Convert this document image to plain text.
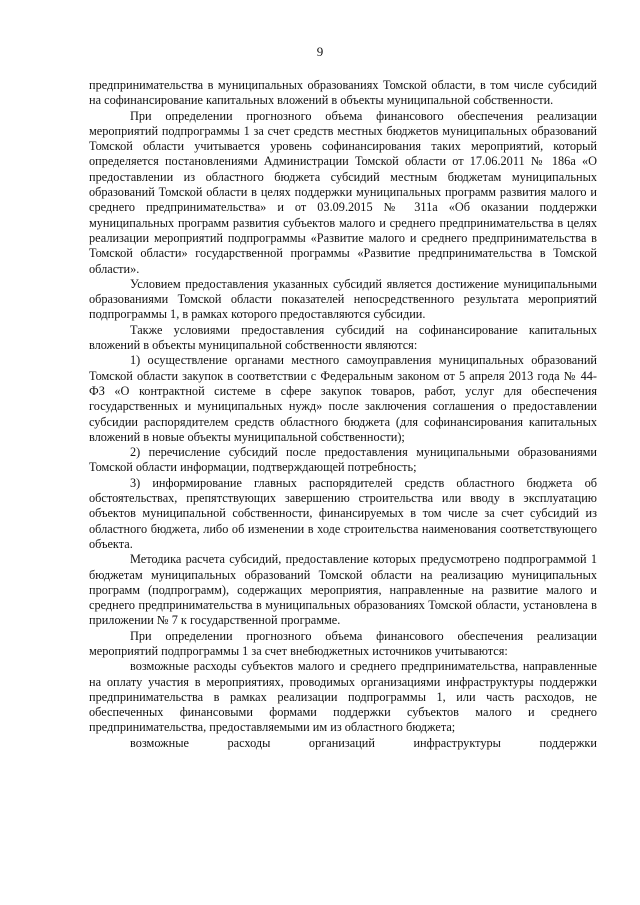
9

предпринимательства в муниципальных образованиях Томской области, в том числе субсидий на софинансирование капитальных вложений в объекты муниципальной собственности.

При определении прогнозного объема финансового обеспечения реализации мероприятий подпрограммы 1 за счет средств местных бюджетов муниципальных образований Томской области учитывается уровень софинансирования таких мероприятий, который определяется постановлениями Администрации Томской области от 17.06.2011 № 186а «О предоставлении из областного бюджета субсидий местным бюджетам муниципальных образований Томской области в целях поддержки муниципальных программ развития малого и среднего предпринимательства» и от 03.09.2015 № 311а «Об оказании поддержки муниципальных программ развития субъектов малого и среднего предпринимательства в целях реализации мероприятий подпрограммы «Развитие малого и среднего предпринимательства в Томской области» государственной программы «Развитие предпринимательства в Томской области».

Условием предоставления указанных субсидий является достижение муниципальными образованиями Томской области показателей непосредственного результата мероприятий подпрограммы 1, в рамках которого предоставляются субсидии.

Также условиями предоставления субсидий на софинансирование капитальных вложений в объекты муниципальной собственности являются:

1) осуществление органами местного самоуправления муниципальных образований Томской области закупок в соответствии с Федеральным законом от 5 апреля 2013 года № 44-ФЗ «О контрактной системе в сфере закупок товаров, работ, услуг для обеспечения государственных и муниципальных нужд» после заключения соглашения о предоставлении субсидии распорядителем средств областного бюджета (для софинансирования капитальных вложений в новые объекты муниципальной собственности);

2) перечисление субсидий после предоставления муниципальными образованиями Томской области информации, подтверждающей потребность;

3) информирование главных распорядителей средств областного бюджета об обстоятельствах, препятствующих завершению строительства или вводу в эксплуатацию объектов муниципальной собственности, финансируемых в том числе за счет субсидий из областного бюджета, либо об изменении в ходе строительства наименования соответствующего объекта.

Методика расчета субсидий, предоставление которых предусмотрено подпрограммой 1 бюджетам муниципальных образований Томской области на реализацию муниципальных программ (подпрограмм), содержащих мероприятия, направленные на развитие малого и среднего предпринимательства в муниципальных образованиях Томской области, установлена в приложении № 7 к государственной программе.

При определении прогнозного объема финансового обеспечения реализации мероприятий подпрограммы 1 за счет внебюджетных источников учитываются:

возможные расходы субъектов малого и среднего предпринимательства, направленные на оплату участия в мероприятиях, проводимых организациями инфраструктуры поддержки предпринимательства в рамках реализации подпрограммы 1, или часть расходов, не обеспеченных финансовыми формами поддержки субъектов малого и среднего предпринимательства, предоставляемыми им из областного бюджета;

возможные расходы организаций инфраструктуры поддержки
